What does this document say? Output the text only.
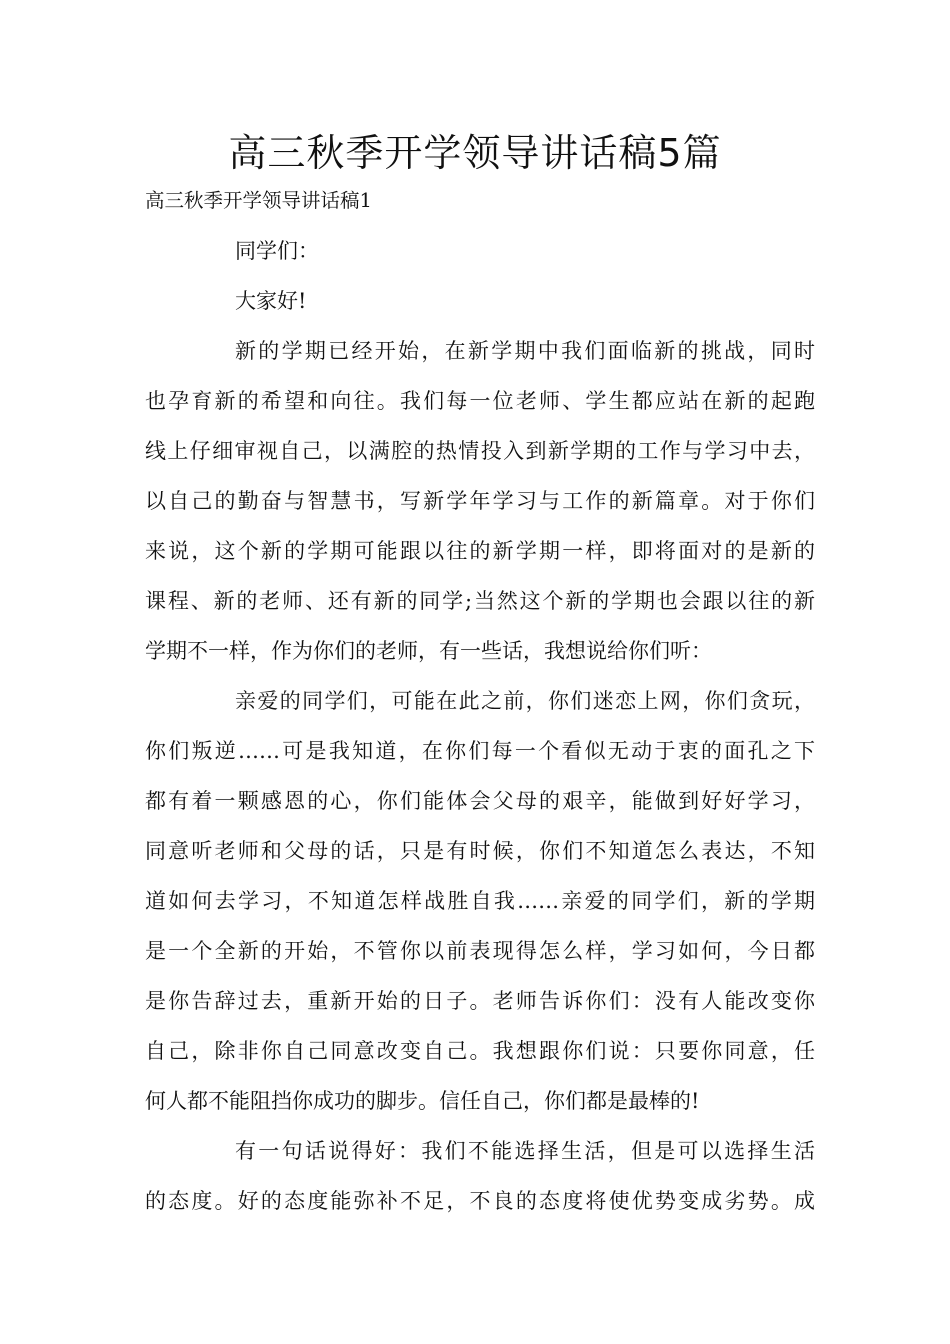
高三秋季开学领导讲话稿5篇

高三秋季开学领导讲话稿1

同学们：

大家好!

新的学期已经开始，在新学期中我们面临新的挑战，同时

也孕育新的希望和向往。我们每一位老师、学生都应站在新的起跑

线上仔细审视自己，以满腔的热情投入到新学期的工作与学习中去，

以自己的勤奋与智慧书，写新学年学习与工作的新篇章。对于你们

来说，这个新的学期可能跟以往的新学期一样，即将面对的是新的

课程、新的老师、还有新的同学;当然这个新的学期也会跟以往的新

学期不一样，作为你们的老师，有一些话，我想说给你们听：

亲爱的同学们，可能在此之前，你们迷恋上网，你们贪玩，

你们叛逆……可是我知道，在你们每一个看似无动于衷的面孔之下

都有着一颗感恩的心，你们能体会父母的艰辛，能做到好好学习，

同意听老师和父母的话，只是有时候，你们不知道怎么表达，不知

道如何去学习，不知道怎样战胜自我……亲爱的同学们，新的学期

是一个全新的开始，不管你以前表现得怎么样，学习如何，今日都

是你告辞过去，重新开始的日子。老师告诉你们：没有人能改变你

自己，除非你自己同意改变自己。我想跟你们说：只要你同意，任

何人都不能阻挡你成功的脚步。信任自己，你们都是最棒的!

有一句话说得好：我们不能选择生活，但是可以选择生活

的态度。好的态度能弥补不足，不良的态度将使优势变成劣势。成
